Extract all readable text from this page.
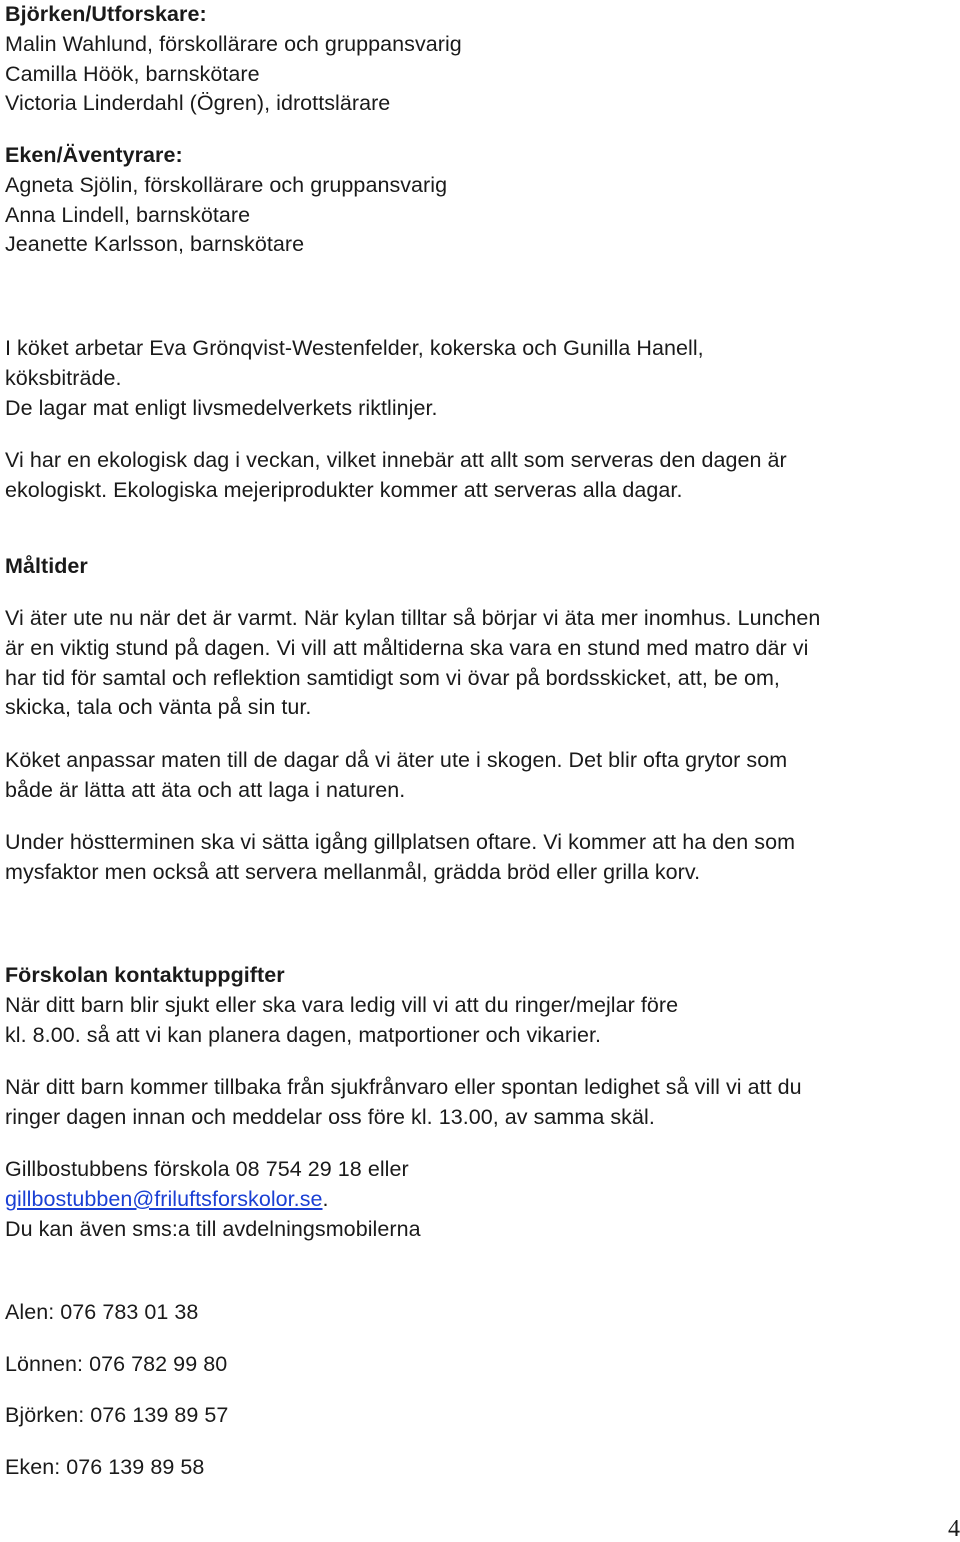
Björken/Utforskare:
Malin Wahlund, förskollärare och gruppansvarig
Camilla Höök, barnskötare
Victoria Linderdahl (Ögren), idrottslärare
Eken/Äventyrare:
Agneta Sjölin, förskollärare och gruppansvarig
Anna Lindell, barnskötare
Jeanette Karlsson, barnskötare
I köket arbetar Eva Grönqvist-Westenfelder, kokerska och Gunilla Hanell,
köksbiträde.
De lagar mat enligt livsmedelverkets riktlinjer.
Vi har en ekologisk dag i veckan, vilket innebär att allt som serveras den dagen är
ekologiskt. Ekologiska mejeriprodukter kommer att serveras alla dagar.
Måltider
Vi äter ute nu när det är varmt. När kylan tilltar så börjar vi äta mer inomhus. Lunchen
är en viktig stund på dagen. Vi vill att måltiderna ska vara en stund med matro där vi
har tid för samtal och reflektion samtidigt som vi övar på bordsskicket, att, be om,
skicka, tala och vänta på sin tur.
Köket anpassar maten till de dagar då vi äter ute i skogen. Det blir ofta grytor som
både är lätta att äta och att laga i naturen.
Under höstterminen ska vi sätta igång gillplatsen oftare. Vi kommer att ha den som
mysfaktor men också att servera mellanmål, grädda bröd eller grilla korv.
Förskolan kontaktuppgifter
När ditt barn blir sjukt eller ska vara ledig vill vi att du ringer/mejlar före
kl. 8.00. så att vi kan planera dagen, matportioner och vikarier.
När ditt barn kommer tillbaka från sjukfrånvaro eller spontan ledighet så vill vi att du
ringer dagen innan och meddelar oss före kl. 13.00, av samma skäl.
Gillbostubbens förskola 08 754 29 18 eller
gillbostubben@friluftsforskolor.se.
Du kan även sms:a till avdelningsmobilerna
Alen: 076 783 01 38
Lönnen: 076 782 99 80
Björken: 076 139 89 57
Eken: 076 139 89 58
4
